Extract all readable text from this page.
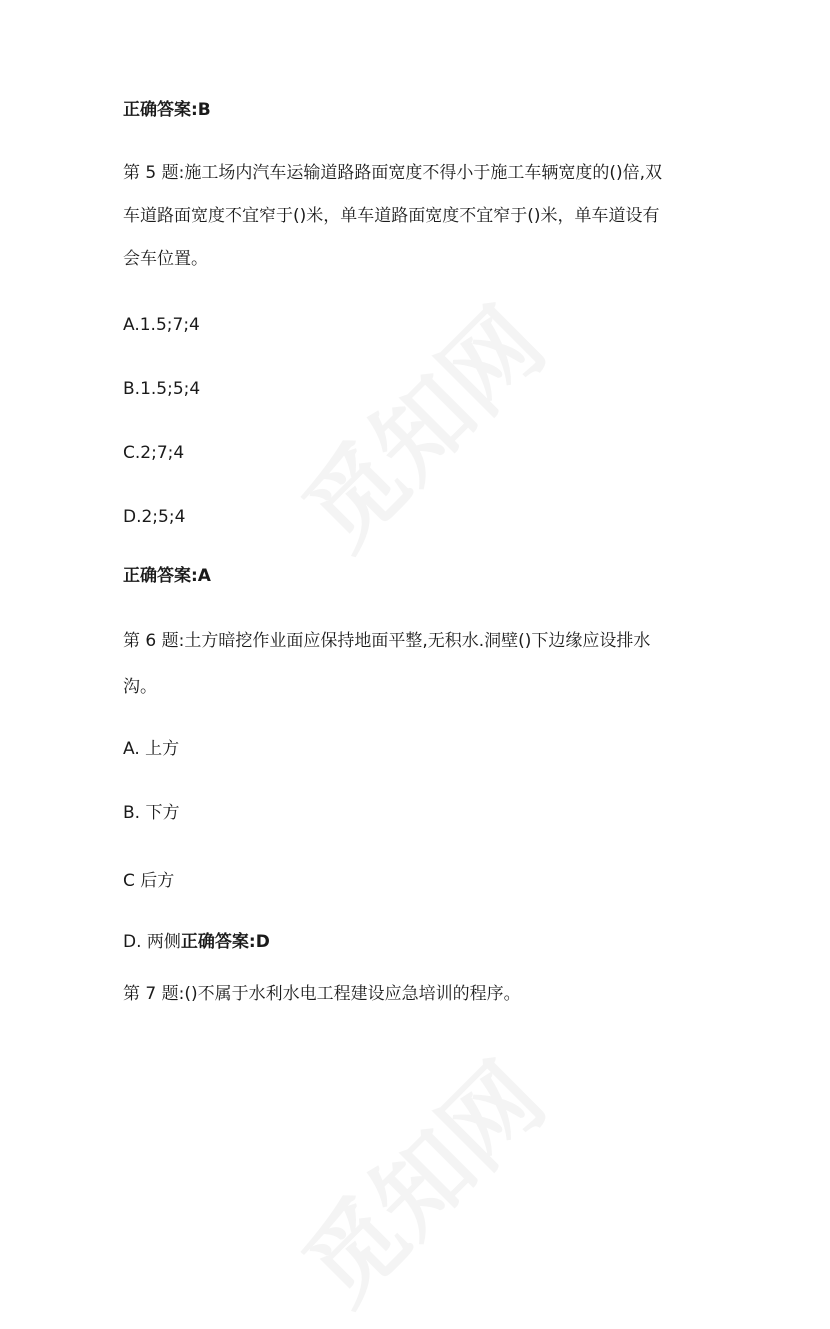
正确答案:B
第 5 题:施工场内汽车运输道路路面宽度不得小于施工车辆宽度的()倍,双
车道路面宽度不宜窄于()米，单车道路面宽度不宜窄于()米，单车道设有
会车位置。
A.1.5;7;4
B.1.5;5;4
C.2;7;4
D.2;5;4
正确答案:A
第 6 题:土方暗挖作业面应保持地面平整,无积水.洞壁()下边缘应设排水
沟。
A. 上方
B. 下方
C 后方
D. 两侧正确答案:D
第 7 题:()不属于水利水电工程建设应急培训的程序。
